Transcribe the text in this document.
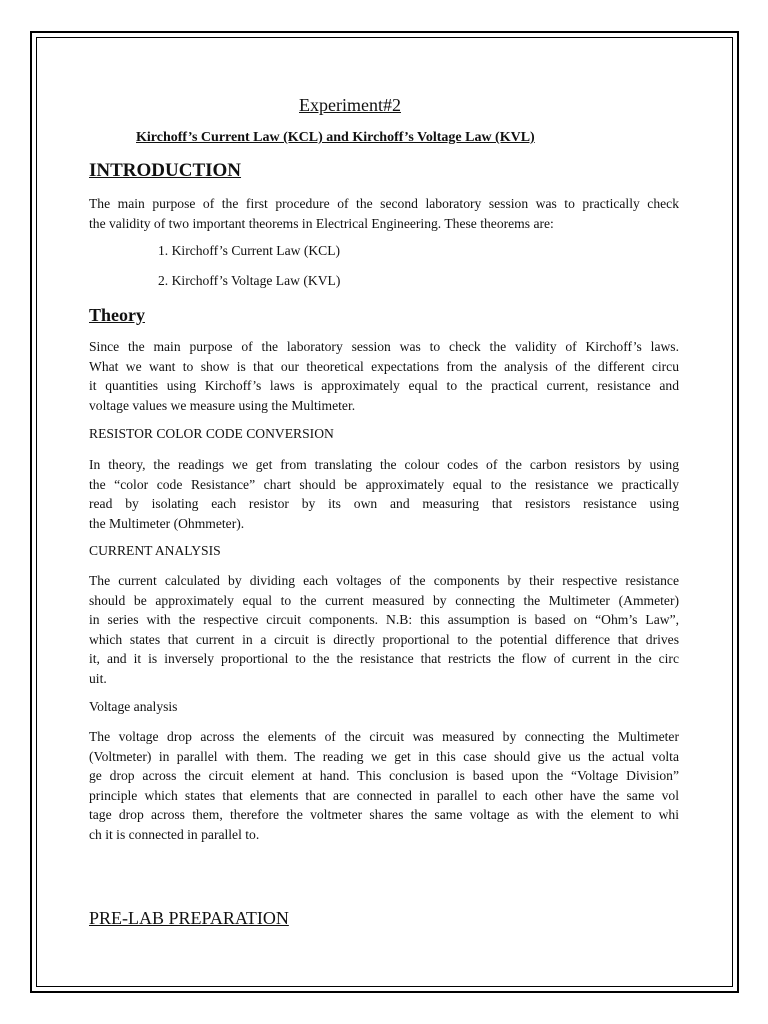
Experiment#2
Kirchoff’s Current Law (KCL) and Kirchoff’s Voltage Law (KVL)
INTRODUCTION
The main purpose of the first procedure of the second laboratory session was to practically check
the validity of two important theorems in Electrical Engineering. These theorems are:
1. Kirchoff’s Current Law (KCL)
2. Kirchoff’s Voltage Law (KVL)
Theory
Since the main purpose of the laboratory session was to check the validity of Kirchoff’s laws.
What we want to show is that our theoretical expectations from the analysis of the different circu
it quantities using Kirchoff’s laws is approximately equal to the practical current, resistance and
voltage values we measure using the Multimeter.
RESISTOR COLOR CODE CONVERSION
In theory, the readings we get from translating the colour codes of the carbon resistors by using
the “color code Resistance” chart should be approximately equal to the resistance we practically
read by isolating each resistor by its own and measuring that resistors resistance using
the Multimeter (Ohmmeter).
CURRENT ANALYSIS
The current calculated by dividing each voltages of the components by their respective resistance
should be approximately equal to the current measured by connecting the Multimeter (Ammeter)
in series with the respective circuit components. N.B: this assumption is based on “Ohm’s Law”,
which states that current in a circuit is directly proportional to the potential difference that drives
it, and it is inversely proportional to the the resistance that restricts the flow of current in the circ
uit.
Voltage analysis
The voltage drop across the elements of the circuit was measured by connecting the Multimeter
(Voltmeter) in parallel with them. The reading we get in this case should give us the actual volta
ge drop across the circuit element at hand. This conclusion is based upon the “Voltage Division”
principle which states that elements that are connected in parallel to each other have the same vol
tage drop across them, therefore the voltmeter shares the same voltage as with the element to whi
ch it is connected in parallel to.
PRE-LAB PREPARATION
